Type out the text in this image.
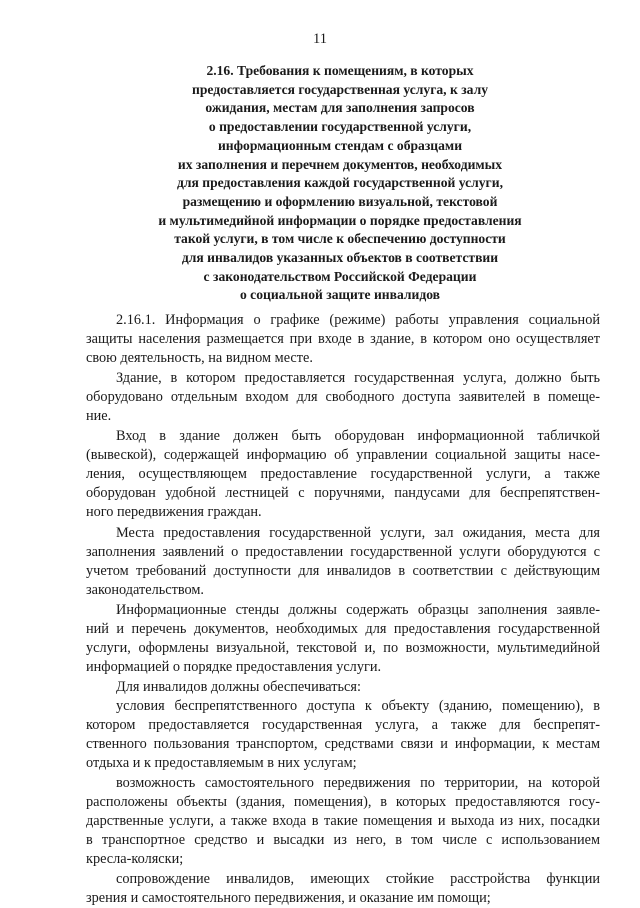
11
2.16. Требования к помещениям, в которых
предоставляется государственная услуга, к залу
ожидания, местам для заполнения запросов
о предоставлении государственной услуги,
информационным стендам с образцами
их заполнения и перечнем документов, необходимых
для предоставления каждой государственной услуги,
размещению и оформлению визуальной, текстовой
и мультимедийной информации о порядке предоставления
такой услуги, в том числе к обеспечению доступности
для инвалидов указанных объектов в соответствии
с законодательством Российской Федерации
о социальной защите инвалидов
2.16.1. Информация о графике (режиме) работы управления социальной
защиты населения размещается при входе в здание, в котором оно осуществляет
свою деятельность, на видном месте.
Здание, в котором предоставляется государственная услуга, должно быть
оборудовано отдельным входом для свободного доступа заявителей в помеще-
ние.
Вход в здание должен быть оборудован информационной табличкой
(вывеской), содержащей информацию об управлении социальной защиты насе-
ления, осуществляющем предоставление государственной услуги, а также
оборудован удобной лестницей с поручнями, пандусами для беспрепятствен-
ного передвижения граждан.
Места предоставления государственной услуги, зал ожидания, места для
заполнения заявлений о предоставлении государственной услуги оборудуются с
учетом требований доступности для инвалидов в соответствии с действующим
законодательством.
Информационные стенды должны содержать образцы заполнения заявле-
ний и перечень документов, необходимых для предоставления государственной
услуги, оформлены визуальной, текстовой и, по возможности, мультимедийной
информацией о порядке предоставления услуги.
Для инвалидов должны обеспечиваться:
условия беспрепятственного доступа к объекту (зданию, помещению), в
котором предоставляется государственная услуга, а также для беспрепят-
ственного пользования транспортом, средствами связи и информации, к местам
отдыха и к предоставляемым в них услугам;
возможность самостоятельного передвижения по территории, на которой
расположены объекты (здания, помещения), в которых предоставляются госу-
дарственные услуги, а также входа в такие помещения и выхода из них, посадки
в транспортное средство и высадки из него, в том числе с использованием
кресла-коляски;
сопровождение инвалидов, имеющих стойкие расстройства функции
зрения и самостоятельного передвижения, и оказание им помощи;
